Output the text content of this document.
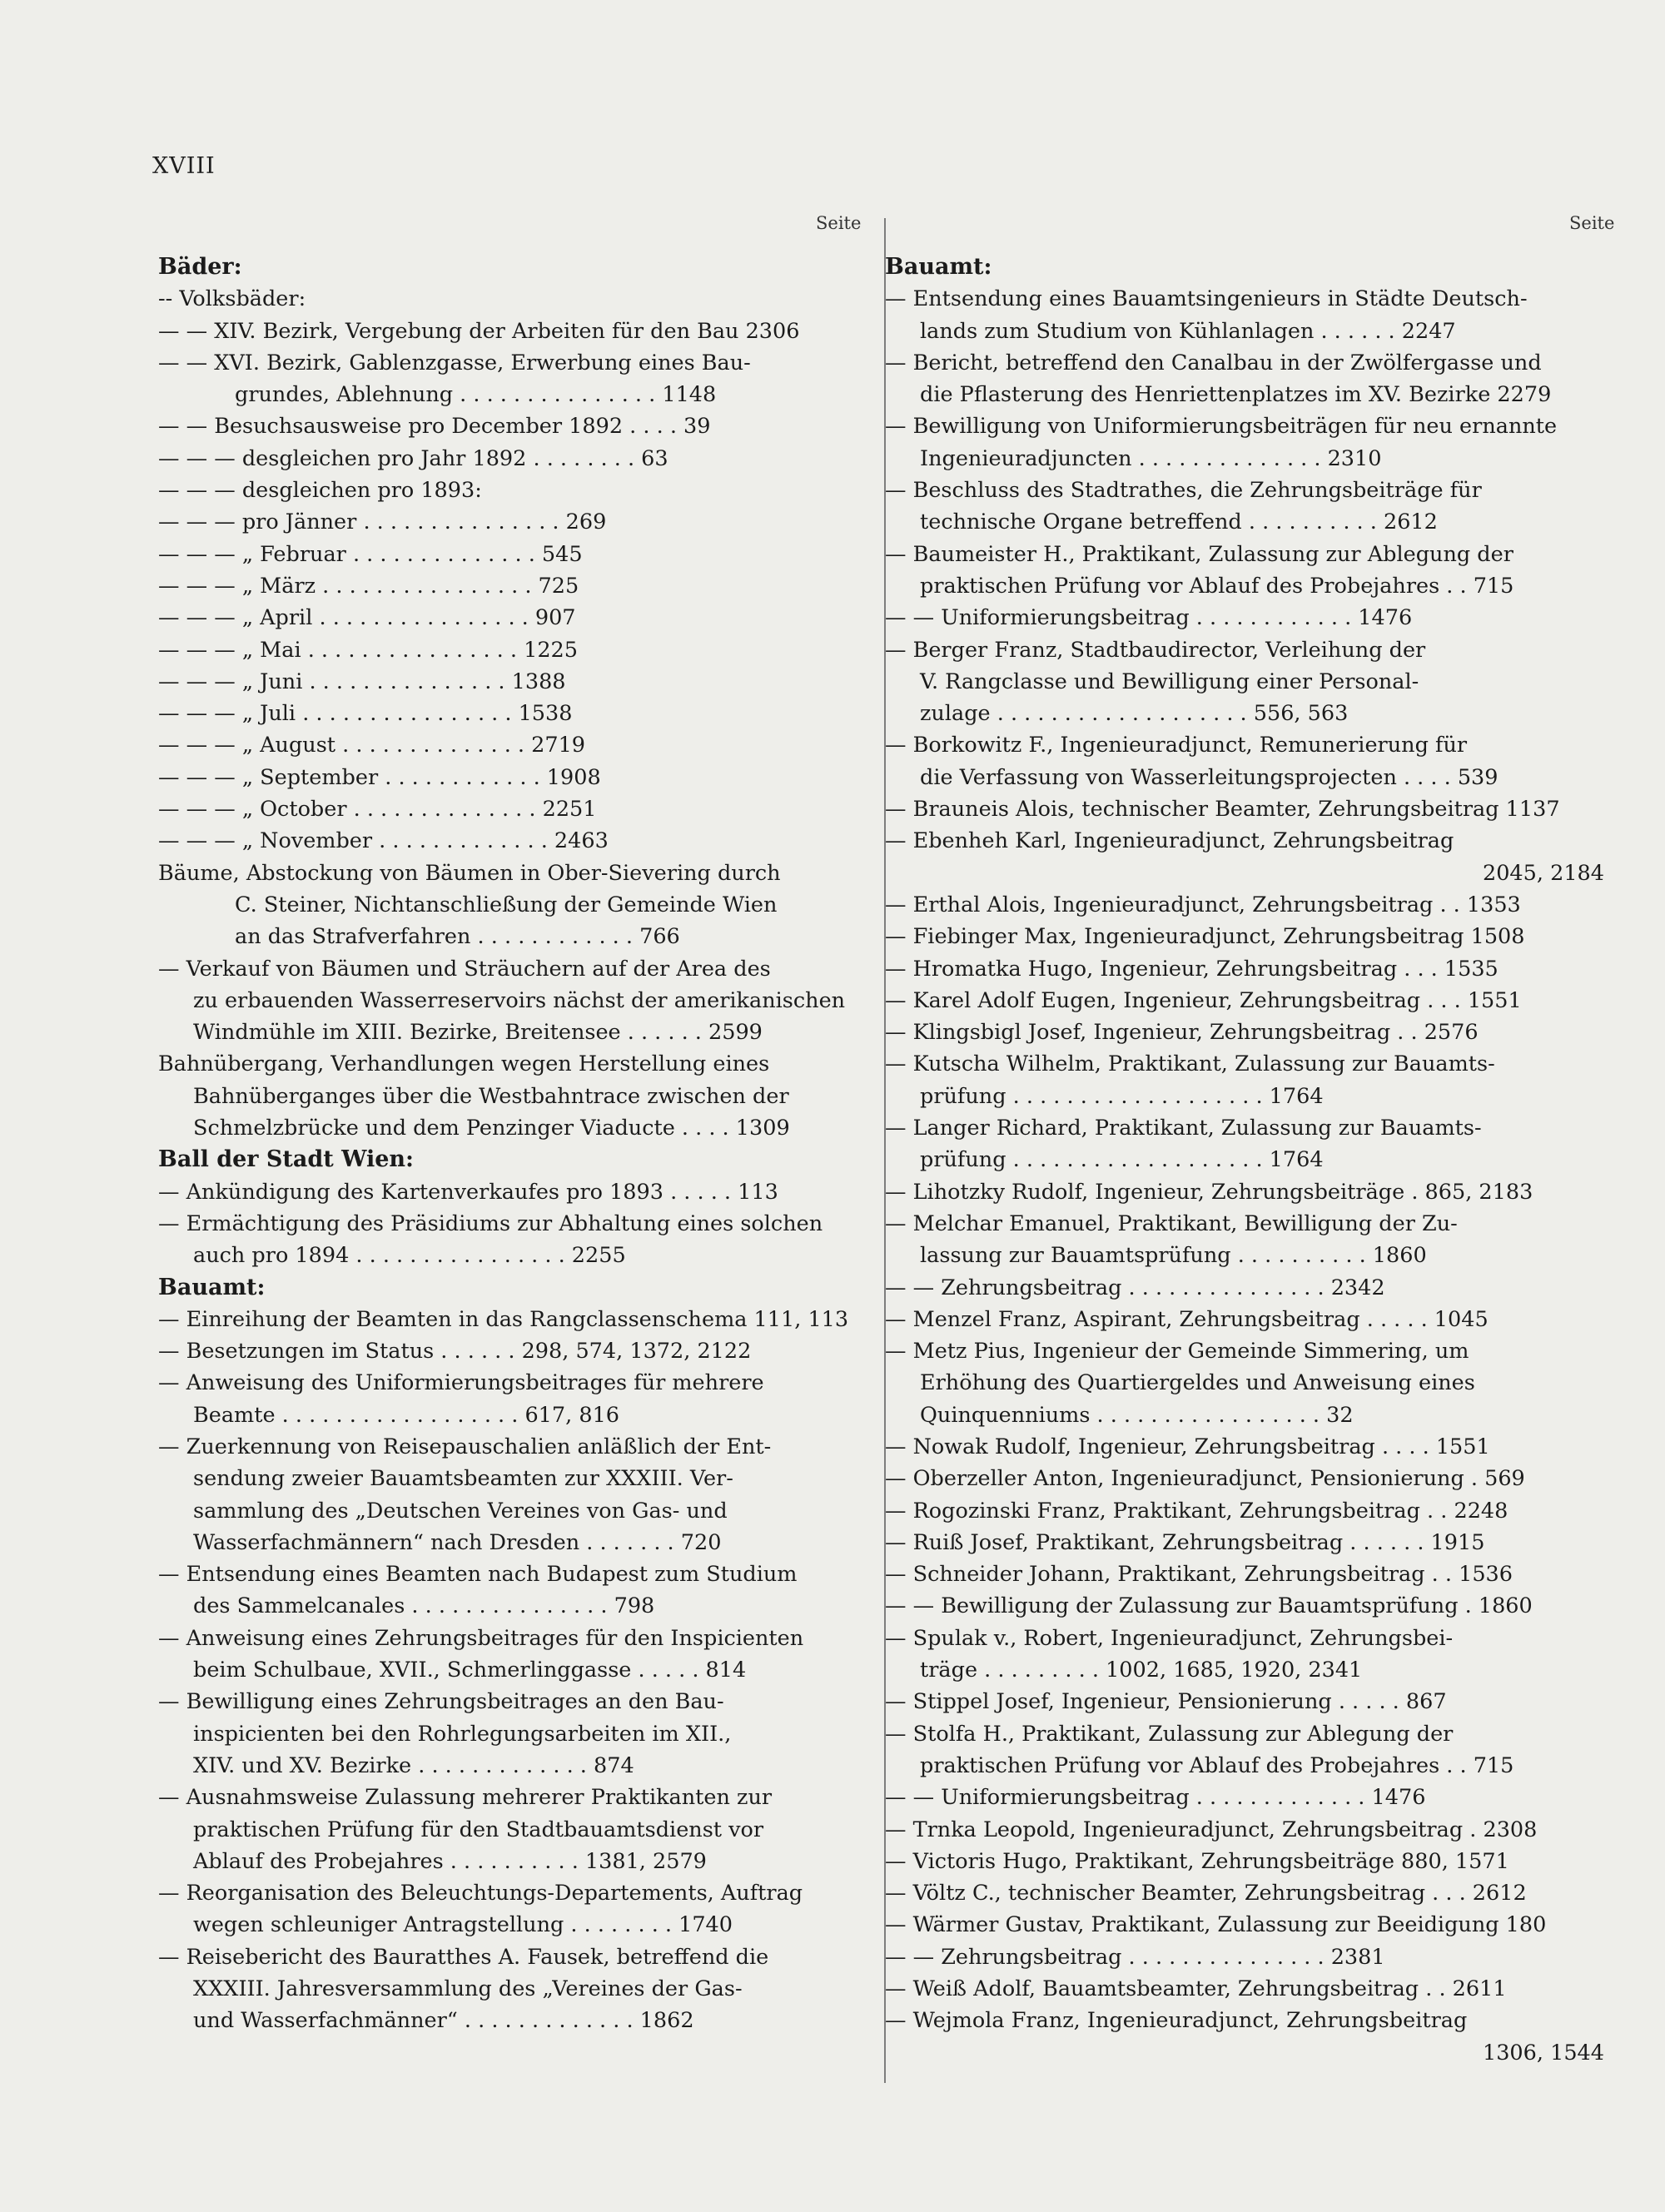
XVIII
Seite	Seite
Bäder:
-- Volksbäder:
— — XIV. Bezirk, Vergebung der Arbeiten für den Bau 2306
— — XVI. Bezirk, Gablenzgasse, Erwerbung eines Bau-
grundes, Ablehnung . . . . . . . . . . . . . . . 1148
— — Besuchsausweise pro December 1892 . . . . 39
— — — desgleichen pro Jahr 1892 . . . . . . . . 63
— — — desgleichen pro 1893:
— — — pro Jänner . . . . . . . . . . . . . . . 269
— — — „ Februar . . . . . . . . . . . . . . 545
— — — „ März . . . . . . . . . . . . . . . . 725
— — — „ April . . . . . . . . . . . . . . . . 907
— — — „ Mai . . . . . . . . . . . . . . . . 1225
— — — „ Juni . . . . . . . . . . . . . . . 1388
— — — „ Juli . . . . . . . . . . . . . . . . 1538
— — — „ August . . . . . . . . . . . . . . 2719
— — — „ September . . . . . . . . . . . . 1908
— — — „ October . . . . . . . . . . . . . . 2251
— — — „ November . . . . . . . . . . . . . 2463
Bäume, Abstockung von Bäumen in Ober-Sievering durch
C. Steiner, Nichtanschließung der Gemeinde Wien
an das Strafverfahren . . . . . . . . . . . . 766
— Verkauf von Bäumen und Sträuchern auf der Area des
zu erbauenden Wasserreservoirs nächst der amerikanischen
Windmühle im XIII. Bezirke, Breitensee . . . . . . 2599
Bahnübergang, Verhandlungen wegen Herstellung eines
Bahnüberganges über die Westbahntrace zwischen der
Schmelzbrücke und dem Penzinger Viaducte . . . . 1309
Ball der Stadt Wien:
— Ankündigung des Kartenverkaufes pro 1893 . . . . . 113
— Ermächtigung des Präsidiums zur Abhaltung eines solchen
auch pro 1894 . . . . . . . . . . . . . . . . 2255
Bauamt:
— Einreihung der Beamten in das Rangclassenschema 111, 113
— Besetzungen im Status . . . . . . 298, 574, 1372, 2122
— Anweisung des Uniformierungsbeitrages für mehrere
Beamte . . . . . . . . . . . . . . . . . . 617, 816
— Zuerkennung von Reisepauschalien anläßlich der Ent-
sendung zweier Bauamtsbeamten zur XXXIII. Ver-
sammlung des „Deutschen Vereines von Gas- und
Wasserfachmännern“ nach Dresden . . . . . . . 720
— Entsendung eines Beamten nach Budapest zum Studium
des Sammelcanales . . . . . . . . . . . . . . . 798
— Anweisung eines Zehrungsbeitrages für den Inspicienten
beim Schulbaue, XVII., Schmerlinggasse . . . . . 814
— Bewilligung eines Zehrungsbeitrages an den Bau-
inspicienten bei den Rohrlegungsarbeiten im XII.,
XIV. und XV. Bezirke . . . . . . . . . . . . . 874
— Ausnahmsweise Zulassung mehrerer Praktikanten zur
praktischen Prüfung für den Stadtbauamtsdienst vor
Ablauf des Probejahres . . . . . . . . . . 1381, 2579
— Reorganisation des Beleuchtungs-Departements, Auftrag
wegen schleuniger Antragstellung . . . . . . . . 1740
— Reisebericht des Bauratthes A. Fausek, betreffend die
XXXIII. Jahresversammlung des „Vereines der Gas-
und Wasserfachmänner“ . . . . . . . . . . . . . 1862
Bauamt:
— Entsendung eines Bauamtsingenieurs in Städte Deutsch-
lands zum Studium von Kühlanlagen . . . . . . 2247
— Bericht, betreffend den Canalbau in der Zwölfergasse und
die Pflasterung des Henriettenplatzes im XV. Bezirke 2279
— Bewilligung von Uniformierungsbeiträgen für neu ernannte
Ingenieuradjuncten . . . . . . . . . . . . . . 2310
— Beschluss des Stadtrathes, die Zehrungsbeiträge für
technische Organe betreffend . . . . . . . . . . 2612
— Baumeister H., Praktikant, Zulassung zur Ablegung der
praktischen Prüfung vor Ablauf des Probejahres . . 715
— — Uniformierungsbeitrag . . . . . . . . . . . . 1476
— Berger Franz, Stadtbaudirector, Verleihung der
V. Rangclasse und Bewilligung einer Personal-
zulage . . . . . . . . . . . . . . . . . . . 556, 563
— Borkowitz F., Ingenieuradjunct, Remunerierung für
die Verfassung von Wasserleitungsprojecten . . . . 539
— Brauneis Alois, technischer Beamter, Zehrungsbeitrag 1137
— Ebenheh Karl, Ingenieuradjunct, Zehrungsbeitrag
2045, 2184
— Erthal Alois, Ingenieuradjunct, Zehrungsbeitrag . . 1353
— Fiebinger Max, Ingenieuradjunct, Zehrungsbeitrag 1508
— Hromatka Hugo, Ingenieur, Zehrungsbeitrag . . . 1535
— Karel Adolf Eugen, Ingenieur, Zehrungsbeitrag . . . 1551
— Klingsbigl Josef, Ingenieur, Zehrungsbeitrag . . 2576
— Kutscha Wilhelm, Praktikant, Zulassung zur Bauamts-
prüfung . . . . . . . . . . . . . . . . . . . 1764
— Langer Richard, Praktikant, Zulassung zur Bauamts-
prüfung . . . . . . . . . . . . . . . . . . . 1764
— Lihotzky Rudolf, Ingenieur, Zehrungsbeiträge . 865, 2183
— Melchar Emanuel, Praktikant, Bewilligung der Zu-
lassung zur Bauamtsprüfung . . . . . . . . . . 1860
— — Zehrungsbeitrag . . . . . . . . . . . . . . . 2342
— Menzel Franz, Aspirant, Zehrungsbeitrag . . . . . 1045
— Metz Pius, Ingenieur der Gemeinde Simmering, um
Erhöhung des Quartiergeldes und Anweisung eines
Quinquenniums . . . . . . . . . . . . . . . . . 32
— Nowak Rudolf, Ingenieur, Zehrungsbeitrag . . . . 1551
— Oberzeller Anton, Ingenieuradjunct, Pensionierung . 569
— Rogozinski Franz, Praktikant, Zehrungsbeitrag . . 2248
— Ruiß Josef, Praktikant, Zehrungsbeitrag . . . . . . 1915
— Schneider Johann, Praktikant, Zehrungsbeitrag . . 1536
— — Bewilligung der Zulassung zur Bauamtsprüfung . 1860
— Spulak v., Robert, Ingenieuradjunct, Zehrungsbei-
träge . . . . . . . . . 1002, 1685, 1920, 2341
— Stippel Josef, Ingenieur, Pensionierung . . . . . 867
— Stolfa H., Praktikant, Zulassung zur Ablegung der
praktischen Prüfung vor Ablauf des Probejahres . . 715
— — Uniformierungsbeitrag . . . . . . . . . . . . . 1476
— Trnka Leopold, Ingenieuradjunct, Zehrungsbeitrag . 2308
— Victoris Hugo, Praktikant, Zehrungsbeiträge 880, 1571
— Völtz C., technischer Beamter, Zehrungsbeitrag . . . 2612
— Wärmer Gustav, Praktikant, Zulassung zur Beeidigung 180
— — Zehrungsbeitrag . . . . . . . . . . . . . . . 2381
— Weiß Adolf, Bauamtsbeamter, Zehrungsbeitrag . . 2611
— Wejmola Franz, Ingenieuradjunct, Zehrungsbeitrag
1306, 1544
